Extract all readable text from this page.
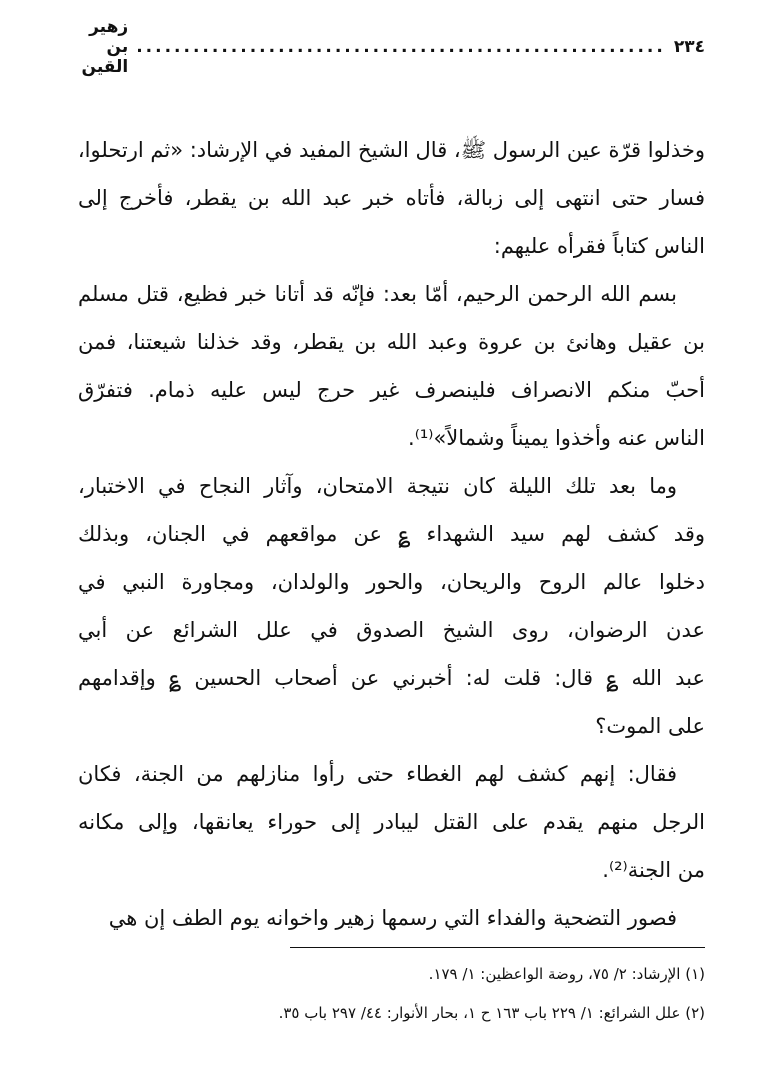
٢٣٤
........................................................
زهير بن القين
وخذلوا قرّة عين الرسول ﷺ، قال الشيخ المفيد في الإرشاد: «ثم ارتحلوا،
فسار حتى انتهى إلى زبالة، فأتاه خبر عبد الله بن يقطر، فأخرج إلى
الناس كتاباً فقرأه عليهم:
بسم الله الرحمن الرحيم، أمّا بعد: فإنّه قد أتانا خبر فظيع، قتل مسلم
بن عقيل وهانئ بن عروة وعبد الله بن يقطر، وقد خذلنا شيعتنا، فمن
أحبّ منكم الانصراف فلينصرف غير حرج ليس عليه ذمام. فتفرّق
الناس عنه وأخذوا يميناً وشمالاً»⁽¹⁾.
وما بعد تلك الليلة كان نتيجة الامتحان، وآثار النجاح في الاختبار،
وقد كشف لهم سيد الشهداء ؏ عن مواقعهم في الجنان، وبذلك
دخلوا عالم الروح والريحان، والحور والولدان، ومجاورة النبي في
عدن الرضوان، روى الشيخ الصدوق في علل الشرائع عن أبي
عبد الله ؏ قال: قلت له: أخبرني عن أصحاب الحسين ؏ وإقدامهم
على الموت؟
فقال: إنهم كشف لهم الغطاء حتى رأوا منازلهم من الجنة، فكان
الرجل منهم يقدم على القتل ليبادر إلى حوراء يعانقها، وإلى مكانه
من الجنة⁽²⁾.
فصور التضحية والفداء التي رسمها زهير واخوانه يوم الطف إن هي
(١) الإرشاد: ٢/ ٧٥، روضة الواعظين: ١/ ١٧٩.
(٢) علل الشرائع: ١/ ٢٢٩ باب ١٦٣ ح ١، بحار الأنوار: ٤٤/ ٢٩٧ باب ٣٥.
